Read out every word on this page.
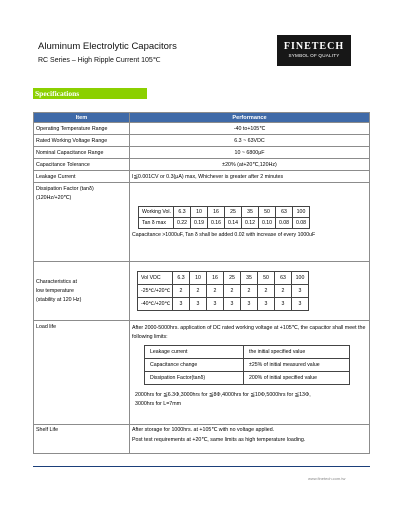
Aluminum Electrolytic Capacitors
RC Series – High Ripple Current 105℃
FINETECH
SYMBOL OF QUALITY
Specifications
Item	Performance
Operating Temperature Range	-40 to+105℃
Rated Working Voltage Range	6.3 ~ 63VDC
Nominal Capacitance Range	10 ~ 6800μF
Capacitance Tolerance	±20% (at+20℃,120Hz)
Leakage Current	I≦0.001CV or 0.3(μA) max, Whichever is greater after 2 minutes

Dissipation Factor (tanδ)
(120Hz/+20℃)

Working Vol.	6.3	10	16	25	35	50	63	100
Tan δ max	0.22	0.19	0.16	0.14	0.12	0.10	0.08	0.08
Capacitance >1000uF, Tan δ shall be added 0.02 with increase of every 1000uF

Characteristics at
low temperature
(stability at 120 Hz)

Vol VDC	6.3	10	16	25	35	50	63	100
-25℃/+20℃	2	2	2	2	2	2	2	3
-40℃/+20℃	3	3	3	3	3	3	3	3

Load life	After 2000-5000hrs. application of DC rated working voltage at +105℃, the capacitor shall meet the following limits:
Leakage current	the initial specified value
Capacitance change	±25% of initial measured value
Dissipation Factor(tanδ)	200% of initial specified value
2000hrs for ≦6.3Φ,3000hrs for ≦8Φ,4000hrs for ≦10Φ,5000hrs for ≦13Φ,
3000hrs for L=7mm

Shelf Life	After storage for 1000hrs. at +105℃ with no voltage applied.
Post test requirements at +20℃, same limits as high temperature loading.
www.finetech.com.tw
